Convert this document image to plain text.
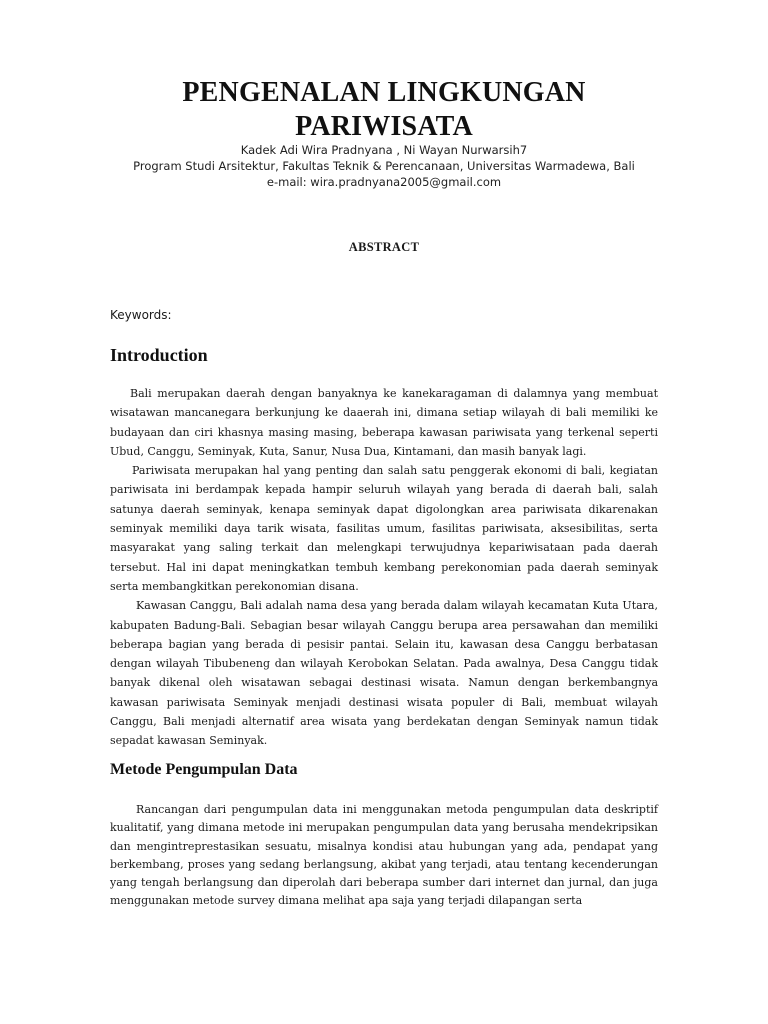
PENGENALAN LINGKUNGAN PARIWISATA

Kadek Adi Wira Pradnyana , Ni Wayan Nurwarsih7

Program Studi Arsitektur, Fakultas Teknik & Perencanaan, Universitas Warmadewa, Bali

e-mail: wira.pradnyana2005@gmail.com

ABSTRACT

Keywords:

Introduction

Bali merupakan daerah dengan banyaknya ke kanekaragaman di dalamnya yang membuat wisatawan mancanegara berkunjung ke daaerah ini, dimana setiap wilayah di bali memiliki ke budayaan dan ciri khasnya masing masing, beberapa kawasan pariwisata yang terkenal seperti Ubud, Canggu, Seminyak, Kuta, Sanur, Nusa Dua, Kintamani, dan masih banyak lagi.

Pariwisata merupakan hal yang penting dan salah satu penggerak ekonomi di bali, kegiatan pariwisata ini berdampak kepada hampir seluruh wilayah yang berada di daerah bali, salah satunya daerah seminyak, kenapa seminyak dapat digolongkan area pariwisata dikarenakan seminyak memiliki daya tarik wisata, fasilitas umum, fasilitas pariwisata, aksesibilitas, serta masyarakat yang saling terkait dan melengkapi terwujudnya kepariwisataan pada daerah tersebut. Hal ini dapat meningkatkan tembuh kembang perekonomian pada daerah seminyak serta membangkitkan perekonomian disana.

Kawasan Canggu, Bali adalah nama desa yang berada dalam wilayah kecamatan Kuta Utara, kabupaten Badung-Bali. Sebagian besar wilayah Canggu berupa area persawahan dan memiliki beberapa bagian yang berada di pesisir pantai. Selain itu, kawasan desa Canggu berbatasan dengan wilayah Tibubeneng dan wilayah Kerobokan Selatan. Pada awalnya, Desa Canggu tidak banyak dikenal oleh wisatawan sebagai destinasi wisata. Namun dengan berkembangnya kawasan pariwisata Seminyak menjadi destinasi wisata populer di Bali, membuat wilayah Canggu, Bali menjadi alternatif area wisata yang berdekatan dengan Seminyak namun tidak sepadat kawasan Seminyak.

Metode Pengumpulan Data

Rancangan dari pengumpulan data ini menggunakan metoda pengumpulan data deskriptif kualitatif, yang dimana metode ini merupakan pengumpulan data yang berusaha mendekripsikan dan mengintreprestasikan sesuatu, misalnya kondisi atau hubungan yang ada, pendapat yang berkembang, proses yang sedang berlangsung, akibat yang terjadi, atau tentang kecenderungan yang tengah berlangsung dan diperolah dari beberapa sumber dari internet dan jurnal, dan juga menggunakan metode survey dimana melihat apa saja yang terjadi dilapangan serta
